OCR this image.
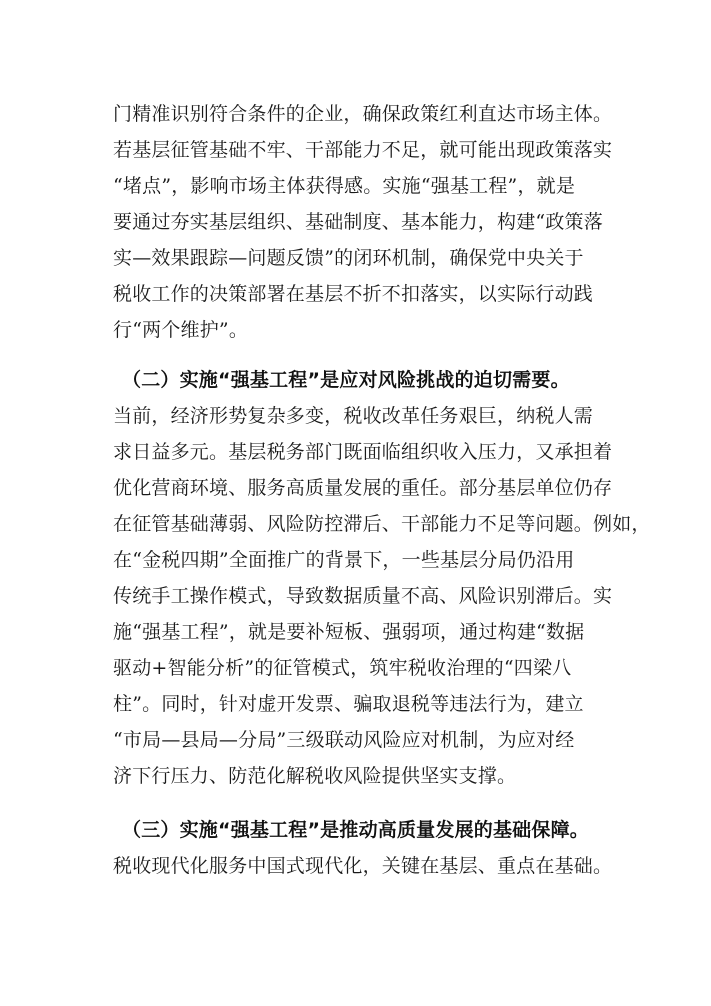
门精准识别符合条件的企业，确保政策红利直达市场主体。
若基层征管基础不牢、干部能力不足，就可能出现政策落实
“堵点”，影响市场主体获得感。实施“强基工程”，就是
要通过夯实基层组织、基础制度、基本能力，构建“政策落
实—效果跟踪—问题反馈”的闭环机制，确保党中央关于
税收工作的决策部署在基层不折不扣落实，以实际行动践
行“两个维护”。
（二）实施“强基工程”是应对风险挑战的迫切需要。
当前，经济形势复杂多变，税收改革任务艰巨，纳税人需
求日益多元。基层税务部门既面临组织收入压力，又承担着
优化营商环境、服务高质量发展的重任。部分基层单位仍存
在征管基础薄弱、风险防控滞后、干部能力不足等问题。例如，
在“金税四期”全面推广的背景下，一些基层分局仍沿用
传统手工操作模式，导致数据质量不高、风险识别滞后。实
施“强基工程”，就是要补短板、强弱项，通过构建“数据
驱动+智能分析”的征管模式，筑牢税收治理的“四梁八
柱”。同时，针对虚开发票、骗取退税等违法行为，建立
“市局—县局—分局”三级联动风险应对机制，为应对经
济下行压力、防范化解税收风险提供坚实支撑。
（三）实施“强基工程”是推动高质量发展的基础保障。
税收现代化服务中国式现代化，关键在基层、重点在基础。
